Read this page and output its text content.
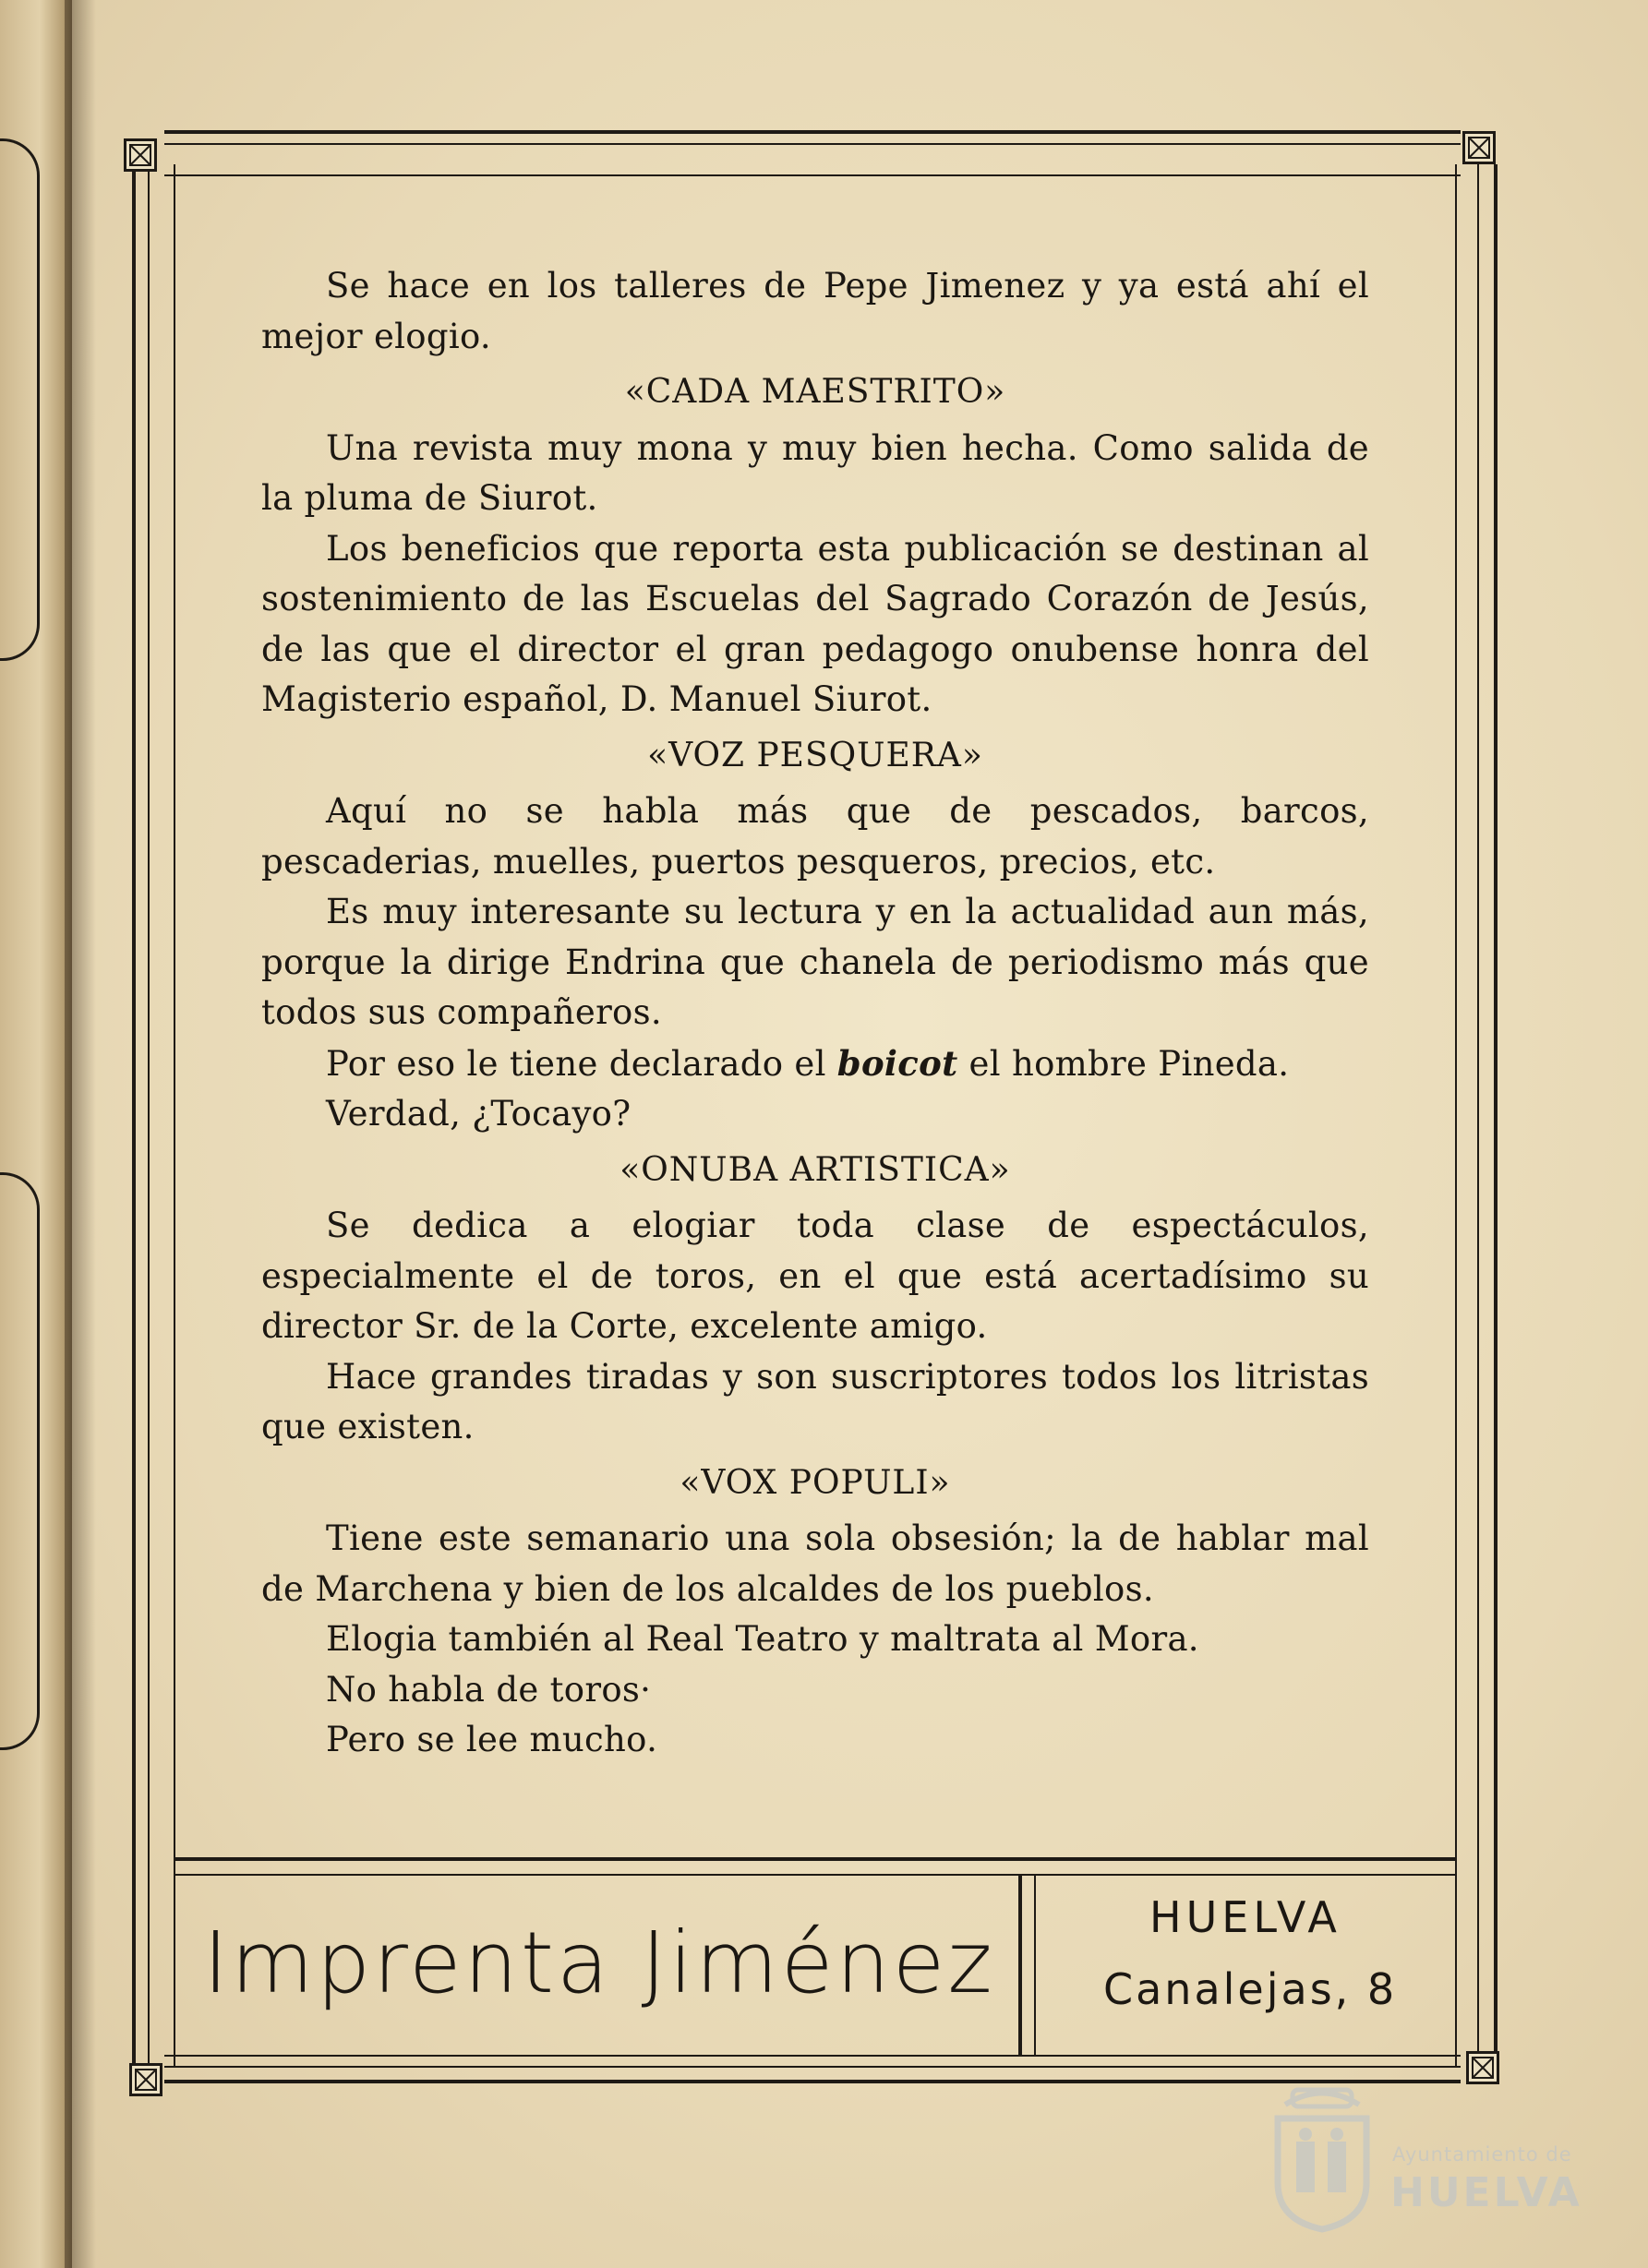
Se hace en los talleres de Pepe Jimenez y ya está ahí el mejor elogio.

«CADA MAESTRITO»

Una revista muy mona y muy bien hecha. Como salida de la pluma de Siurot.

Los beneficios que reporta esta publicación se destinan al sostenimiento de las Escuelas del Sagrado Corazón de Jesús, de las que el director el gran pedagogo onubense honra del Magisterio español, D. Manuel Siurot.

«VOZ PESQUERA»

Aquí no se habla más que de pescados, barcos, pescaderias, muelles, puertos pesqueros, precios, etc.

Es muy interesante su lectura y en la actualidad aun más, porque la dirige Endrina que chanela de periodismo más que todos sus compañeros.

Por eso le tiene declarado el boicot el hombre Pineda.

Verdad, ¿Tocayo?

«ONUBA ARTISTICA»

Se dedica a elogiar toda clase de espectáculos, especialmente el de toros, en el que está acertadísimo su director Sr. de la Corte, excelente amigo.

Hace grandes tiradas y son suscriptores todos los litristas que existen.

«VOX POPULI»

Tiene este semanario una sola obsesión; la de hablar mal de Marchena y bien de los alcaldes de los pueblos.

Elogia también al Real Teatro y maltrata al Mora.

No habla de toros·

Pero se lee mucho.

Imprenta Jiménez	HUELVA
Canalejas, 8
Ayuntamiento de
HUELVA
